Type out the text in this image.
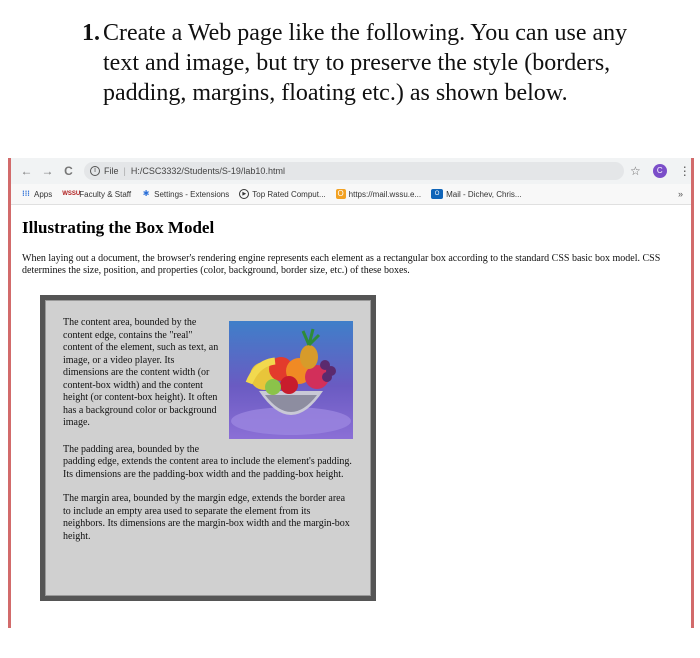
1. Create a Web page like the following. You can use any text and image, but try to preserve the style (borders, padding, margins, floating etc.) as shown below.
← → C	i File | H:/CSC3332/Students/S-19/lab10.html	☆	C	⋮
⁝⁝⁝ Apps WSSU Faculty & Staff ✱ Settings - Extensions	▶ Top Rated Comput... O https://mail.wssu.e...	O Mail - Dichev, Chris...	»
Illustrating the Box Model

When laying out a document, the browser's rendering engine represents each element as a rectangular box according to the standard CSS basic box model. CSS determines the size, position, and properties (color, background, border size, etc.) of these boxes.

The content area, bounded by the content edge, contains the "real" content of the element, such as text, an image, or a video player. Its dimensions are the content width (or content-box width) and the content height (or content-box height). It often has a background color or background image.

The padding area, bounded by the padding edge, extends the content area to include the element's padding. Its dimensions are the padding-box width and the padding-box height.

The margin area, bounded by the margin edge, extends the border area to include an empty area used to separate the element from its neighbors. Its dimensions are the margin-box width and the margin-box height.
